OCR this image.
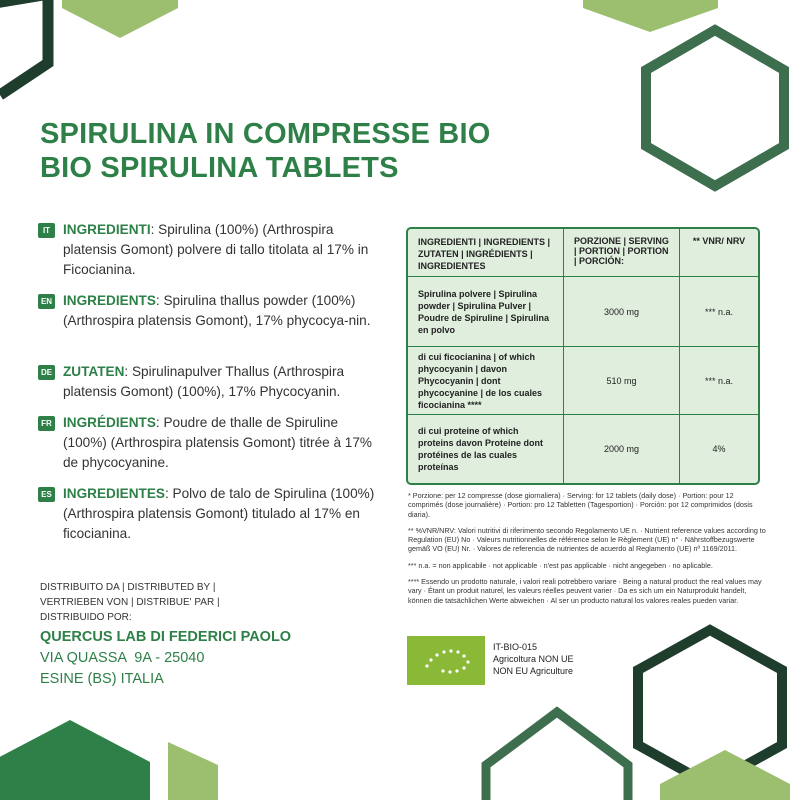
SPIRULINA IN COMPRESSE BIO
BIO SPIRULINA TABLETS
IT INGREDIENTI: Spirulina (100%) (Arthrospira platensis Gomont) polvere di tallo titolata al 17% in Ficocianina.
EN INGREDIENTS: Spirulina thallus powder (100%) (Arthrospira platensis Gomont), 17% phycocya-nin.
DE ZUTATEN: Spirulinapulver Thallus (Arthrospira platensis Gomont) (100%), 17% Phycocyanin.
FR INGRÉDIENTS: Poudre de thalle de Spiruline (100%) (Arthrospira platensis Gomont) titrée à 17% de phycocyanine.
ES INGREDIENTES: Polvo de talo de Spirulina (100%) (Arthrospira platensis Gomont) titulado al 17% en ficocianina.
DISTRIBUITO DA | DISTRIBUTED BY | VERTRIEBEN VON | DISTRIBUE' PAR | DISTRIBUIDO POR:
QUERCUS LAB DI FEDERICI PAOLO
VIA QUASSA  9A - 25040
ESINE (BS) ITALIA
INGREDIENTI | INGREDIENTS | ZUTATEN | INGRÉDIENTS | INGREDIENTES	PORZIONE | SERVING | PORTION | PORTION | PORCIÓN:	** VNR/ NRV
Spirulina polvere | Spirulina powder | Spirulina Pulver | Poudre de Spiruline | Spirulina en polvo	3000 mg	*** n.a.
di cui ficocianina | of which phycocyanin | davon Phycocyanin | dont phycocyanine | de los cuales ficocianina ****	510 mg	*** n.a.
di cui proteine of which proteins davon Proteine dont protéines de las cuales proteínas	2000 mg	4%

* Porzione: per 12 compresse (dose giornaliera) · Serving: for 12 tablets (daily dose) · Portion: pour 12 comprimés (dose journalière) · Portion: pro 12 Tabletten (Tagesportion) · Porción: por 12 comprimidos (dosis diaria).

** %VNR/NRV: Valori nutritivi di riferimento secondo Regolamento UE n. · Nutrient reference values according to Regulation (EU) No · Valeurs nutritionnelles de référence selon le Règlement (UE) n° · Nährstoffbezugswerte gemäß VO (EU) Nr. · Valores de referencia de nutrientes de acuerdo al Reglamento (UE) nº 1169/2011.

*** n.a. = non applicabile · not applicable · n'est pas applicable · nicht angegeben · no aplicable.

**** Essendo un prodotto naturale, i valori reali potrebbero variare · Being a natural product the real values may vary · Étant un produit naturel, les valeurs réelles peuvent varier · Da es sich um ein Naturprodukt handelt, können die tatsächlichen Werte abweichen · Al ser un producto natural los valores reales pueden variar.

IT-BIO-015
Agricoltura NON UE
NON EU Agriculture
